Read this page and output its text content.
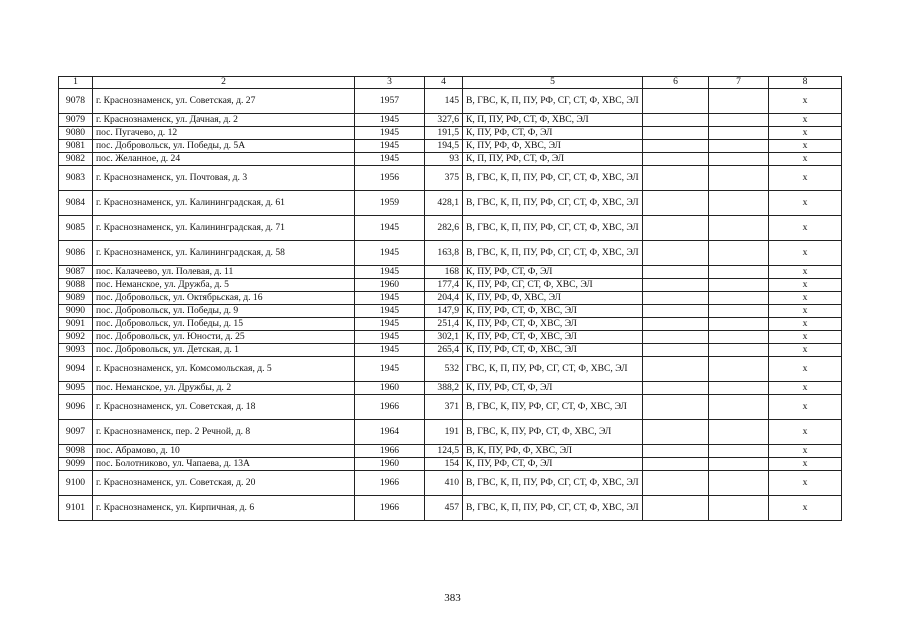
1	2	3	4	5	6	7	8
9078	г. Краснознаменск, ул. Советская, д. 27	1957	145	В, ГВС, К, П, ПУ, РФ, СГ, СТ, Ф, ХВС, ЭЛ			х
9079	г. Краснознаменск, ул. Дачная, д. 2	1945	327,6	К, П, ПУ, РФ, СТ, Ф, ХВС, ЭЛ			х
9080	пос. Пугачево, д. 12	1945	191,5	К, ПУ, РФ, СТ, Ф, ЭЛ			х
9081	пос. Добровольск, ул. Победы, д. 5А	1945	194,5	К, ПУ, РФ, Ф, ХВС, ЭЛ			х
9082	пос. Желанное, д. 24	1945	93	К, П, ПУ, РФ, СТ, Ф, ЭЛ			х
9083	г. Краснознаменск, ул. Почтовая, д. 3	1956	375	В, ГВС, К, П, ПУ, РФ, СГ, СТ, Ф, ХВС, ЭЛ			х
9084	г. Краснознаменск, ул. Калининградская, д. 61	1959	428,1	В, ГВС, К, П, ПУ, РФ, СГ, СТ, Ф, ХВС, ЭЛ			х
9085	г. Краснознаменск, ул. Калининградская, д. 71	1945	282,6	В, ГВС, К, П, ПУ, РФ, СГ, СТ, Ф, ХВС, ЭЛ			х
9086	г. Краснознаменск, ул. Калининградская, д. 58	1945	163,8	В, ГВС, К, П, ПУ, РФ, СГ, СТ, Ф, ХВС, ЭЛ			х
9087	пос. Калачеево, ул. Полевая, д. 11	1945	168	К, ПУ, РФ, СТ, Ф, ЭЛ			х
9088	пос. Неманское, ул. Дружба, д. 5	1960	177,4	К, ПУ, РФ, СГ, СТ, Ф, ХВС, ЭЛ			х
9089	пос. Добровольск, ул. Октябрьская, д. 16	1945	204,4	К, ПУ, РФ, Ф, ХВС, ЭЛ			х
9090	пос. Добровольск, ул. Победы, д. 9	1945	147,9	К, ПУ, РФ, СТ, Ф, ХВС, ЭЛ			х
9091	пос. Добровольск, ул. Победы, д. 15	1945	251,4	К, ПУ, РФ, СТ, Ф, ХВС, ЭЛ			х
9092	пос. Добровольск, ул. Юности, д. 25	1945	302,1	К, ПУ, РФ, СТ, Ф, ХВС, ЭЛ			х
9093	пос. Добровольск, ул. Детская, д. 1	1945	265,4	К, ПУ, РФ, СТ, Ф, ХВС, ЭЛ			х
9094	г. Краснознаменск, ул. Комсомольская, д. 5	1945	532	ГВС, К, П, ПУ, РФ, СГ, СТ, Ф, ХВС, ЭЛ			х
9095	пос. Неманское, ул. Дружбы, д. 2	1960	388,2	К, ПУ, РФ, СТ, Ф, ЭЛ			х
9096	г. Краснознаменск, ул. Советская, д. 18	1966	371	В, ГВС, К, ПУ, РФ, СГ, СТ, Ф, ХВС, ЭЛ			х
9097	г. Краснознаменск, пер. 2 Речной, д. 8	1964	191	В, ГВС, К, ПУ, РФ, СТ, Ф, ХВС, ЭЛ			х
9098	пос. Абрамово, д. 10	1966	124,5	В, К, ПУ, РФ, Ф, ХВС, ЭЛ			х
9099	пос. Болотниково, ул. Чапаева, д. 13А	1960	154	К, ПУ, РФ, СТ, Ф, ЭЛ			х
9100	г. Краснознаменск, ул. Советская, д. 20	1966	410	В, ГВС, К, П, ПУ, РФ, СГ, СТ, Ф, ХВС, ЭЛ			х
9101	г. Краснознаменск, ул. Кирпичная, д. 6	1966	457	В, ГВС, К, П, ПУ, РФ, СГ, СТ, Ф, ХВС, ЭЛ			х
383
